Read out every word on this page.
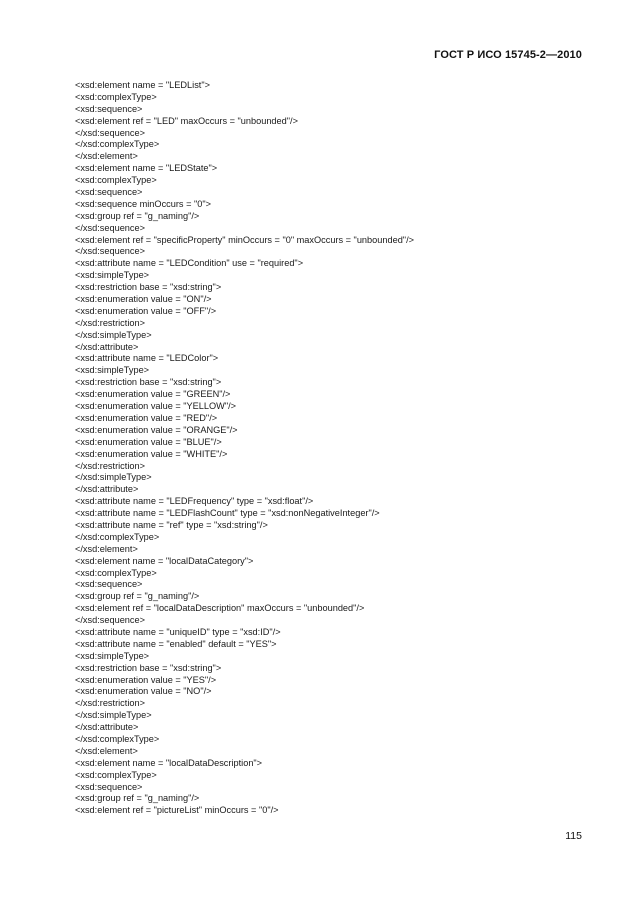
ГОСТ Р ИСО 15745-2—2010
<xsd:element name = "LEDList">
<xsd:complexType>
<xsd:sequence>
<xsd:element ref = "LED" maxOccurs = "unbounded"/>
</xsd:sequence>
</xsd:complexType>
</xsd:element>
<xsd:element name = "LEDState">
<xsd:complexType>
<xsd:sequence>
<xsd:sequence minOccurs = "0">
<xsd:group ref = "g_naming"/>
</xsd:sequence>
<xsd:element ref = "specificProperty" minOccurs = "0" maxOccurs = "unbounded"/>
</xsd:sequence>
<xsd:attribute name = "LEDCondition" use = "required">
<xsd:simpleType>
<xsd:restriction base = "xsd:string">
<xsd:enumeration value = "ON"/>
<xsd:enumeration value = "OFF"/>
</xsd:restriction>
</xsd:simpleType>
</xsd:attribute>
<xsd:attribute name = "LEDColor">
<xsd:simpleType>
<xsd:restriction base = "xsd:string">
<xsd:enumeration value = "GREEN"/>
<xsd:enumeration value = "YELLOW"/>
<xsd:enumeration value = "RED"/>
<xsd:enumeration value = "ORANGE"/>
<xsd:enumeration value = "BLUE"/>
<xsd:enumeration value = "WHITE"/>
</xsd:restriction>
</xsd:simpleType>
</xsd:attribute>
<xsd:attribute name = "LEDFrequency" type = "xsd:float"/>
<xsd:attribute name = "LEDFlashCount" type = "xsd:nonNegativeInteger"/>
<xsd:attribute name = "ref" type = "xsd:string"/>
</xsd:complexType>
</xsd:element>
<xsd:element name = "localDataCategory">
<xsd:complexType>
<xsd:sequence>
<xsd:group ref = "g_naming"/>
<xsd:element ref = "localDataDescription" maxOccurs = "unbounded"/>
</xsd:sequence>
<xsd:attribute name = "uniqueID" type = "xsd:ID"/>
<xsd:attribute name = "enabled" default = "YES">
<xsd:simpleType>
<xsd:restriction base = "xsd:string">
<xsd:enumeration value = "YES"/>
<xsd:enumeration value = "NO"/>
</xsd:restriction>
</xsd:simpleType>
</xsd:attribute>
</xsd:complexType>
</xsd:element>
<xsd:element name = "localDataDescription">
<xsd:complexType>
<xsd:sequence>
<xsd:group ref = "g_naming"/>
<xsd:element ref = "pictureList" minOccurs = "0"/>
115
